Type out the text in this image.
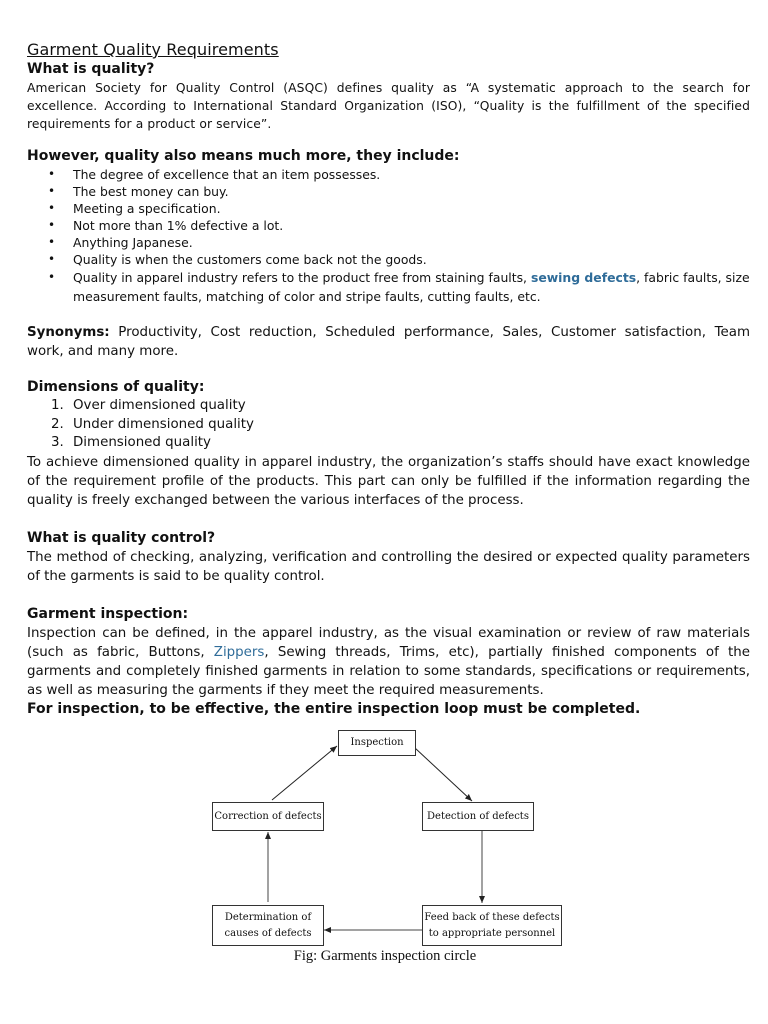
Garment Quality Requirements
What is quality?

American Society for Quality Control (ASQC) defines quality as “A systematic approach to the search for excellence. According to International Standard Organization (ISO), “Quality is the fulfillment of the specified requirements for a product or service”.

However, quality also means much more, they include:
• The degree of excellence that an item possesses.
• The best money can buy.
• Meeting a specification.
• Not more than 1% defective a lot.
• Anything Japanese.
• Quality is when the customers come back not the goods.
• Quality in apparel industry refers to the product free from staining faults, sewing defects, fabric faults, size measurement faults, matching of color and stripe faults, cutting faults, etc.

Synonyms: Productivity, Cost reduction, Scheduled performance, Sales, Customer satisfaction, Team work, and many more.

Dimensions of quality:
1. Over dimensioned quality
2. Under dimensioned quality
3. Dimensioned quality

To achieve dimensioned quality in apparel industry, the organization’s staffs should have exact knowledge of the requirement profile of the products. This part can only be fulfilled if the information regarding the quality is freely exchanged between the various interfaces of the process.

What is quality control?

The method of checking, analyzing, verification and controlling the desired or expected quality parameters of the garments is said to be quality control.

Garment inspection:

Inspection can be defined, in the apparel industry, as the visual examination or review of raw materials (such as fabric, Buttons, Zippers, Sewing threads, Trims, etc), partially finished components of the garments and completely finished garments in relation to some standards, specifications or requirements, as well as measuring the garments if they meet the required measurements.

For inspection, to be effective, the entire inspection loop must be completed.

Inspection
Correction of defects	Detection of defects
Determination of
causes of defects
Feed back of these defects
to appropriate personnel
Fig: Garments inspection circle
